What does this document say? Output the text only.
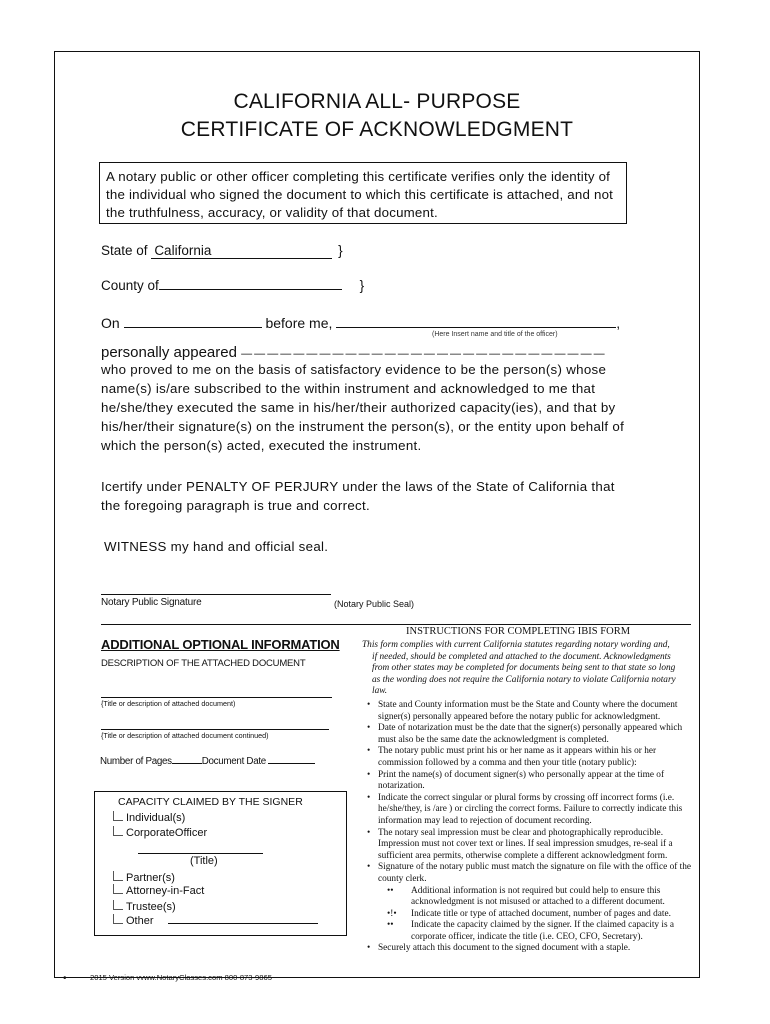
CALIFORNIA ALL- PURPOSE
CERTIFICATE OF ACKNOWLEDGMENT
A notary public or other officer completing this certificate verifies only the identity of the individual who signed the document to which this certificate is attached, and not the truthfulness, accuracy, or validity of that document.
State of California	}
County of	}
On	before me,	,
(Here Insert name and title of the officer)
personally appeared — — — — — — — — — — — — — — — — — — — — — — — — — — — —
who proved to me on the basis of satisfactory evidence to be the person(s) whose
name(s) is/are subscribed to the within instrument and acknowledged to me that
he/she/they executed the same in his/her/their authorized capacity(ies), and that by
his/her/their signature(s) on the instrument the person(s), or the entity upon behalf of
which the person(s) acted, executed the instrument.
Icertify under PENALTY OF PERJURY under the laws of the State of California that
the foregoing paragraph is true and correct.
WITNESS my hand and official seal.
Notary Public Signature	(Notary Public Seal)
ADDITIONAL OPTIONAL INFORMATION
DESCRIPTION OF THE ATTACHED DOCUMENT
{Title or description of attached document)
{Title or description of attached document continued)
Number of Pages	Document Date
CAPACITY CLAIMED BY THE SIGNER
Individual(s)
CorporateOfficer
(Title)
Partner(s)
Attorney-in-Fact
Trustee(s)
Other
INSTRUCTIONS FOR COMPLETING IBIS FORM
This form complies with current California statutes regarding notary wording and,
if needed, should be completed and attached to the document. Acknowledgments
from other states may be completed for documents being sent to that state so long
as the wording does not require the California notary to violate California notary
law.
• State and County information must be the State and County where the document signer(s) personally appeared before the notary public for acknowledgment.
• Date of notarization must be the date that the signer(s) personally appeared which must also be the same date the acknowledgment is completed.
• The notary public must print his or her name as it appears within his or her commission followed by a comma and then your title (notary public):
• Print the name(s) of document signer(s) who personally appear at the time of notarization.
• Indicate the correct singular or plural forms by crossing off incorrect forms (i.e. he/she/they, is /are ) or circling the correct forms. Failure to correctly indicate this information may lead to rejection of document recording.
• The notary seal impression must be clear and photographically reproducible. Impression must not cover text or lines. If seal impression smudges, re-seal if a sufficient area permits, otherwise complete a different acknowledgment form.
• Signature of the notary public must match the signature on file with the office of the county clerk.
•• Additional information is not required but could help to ensure this acknowledgment is not misused or attached to a different document.
•!• Indicate title or type of attached document, number of pages and date.
•• Indicate the capacity claimed by the signer. If the claimed capacity is a corporate officer, indicate the title (i.e. CEO, CFO, Secretary).
• Securely attach this document to the signed document with a staple.
•	2015 Version vvww.NotaryClasses.com 800-873-9865
